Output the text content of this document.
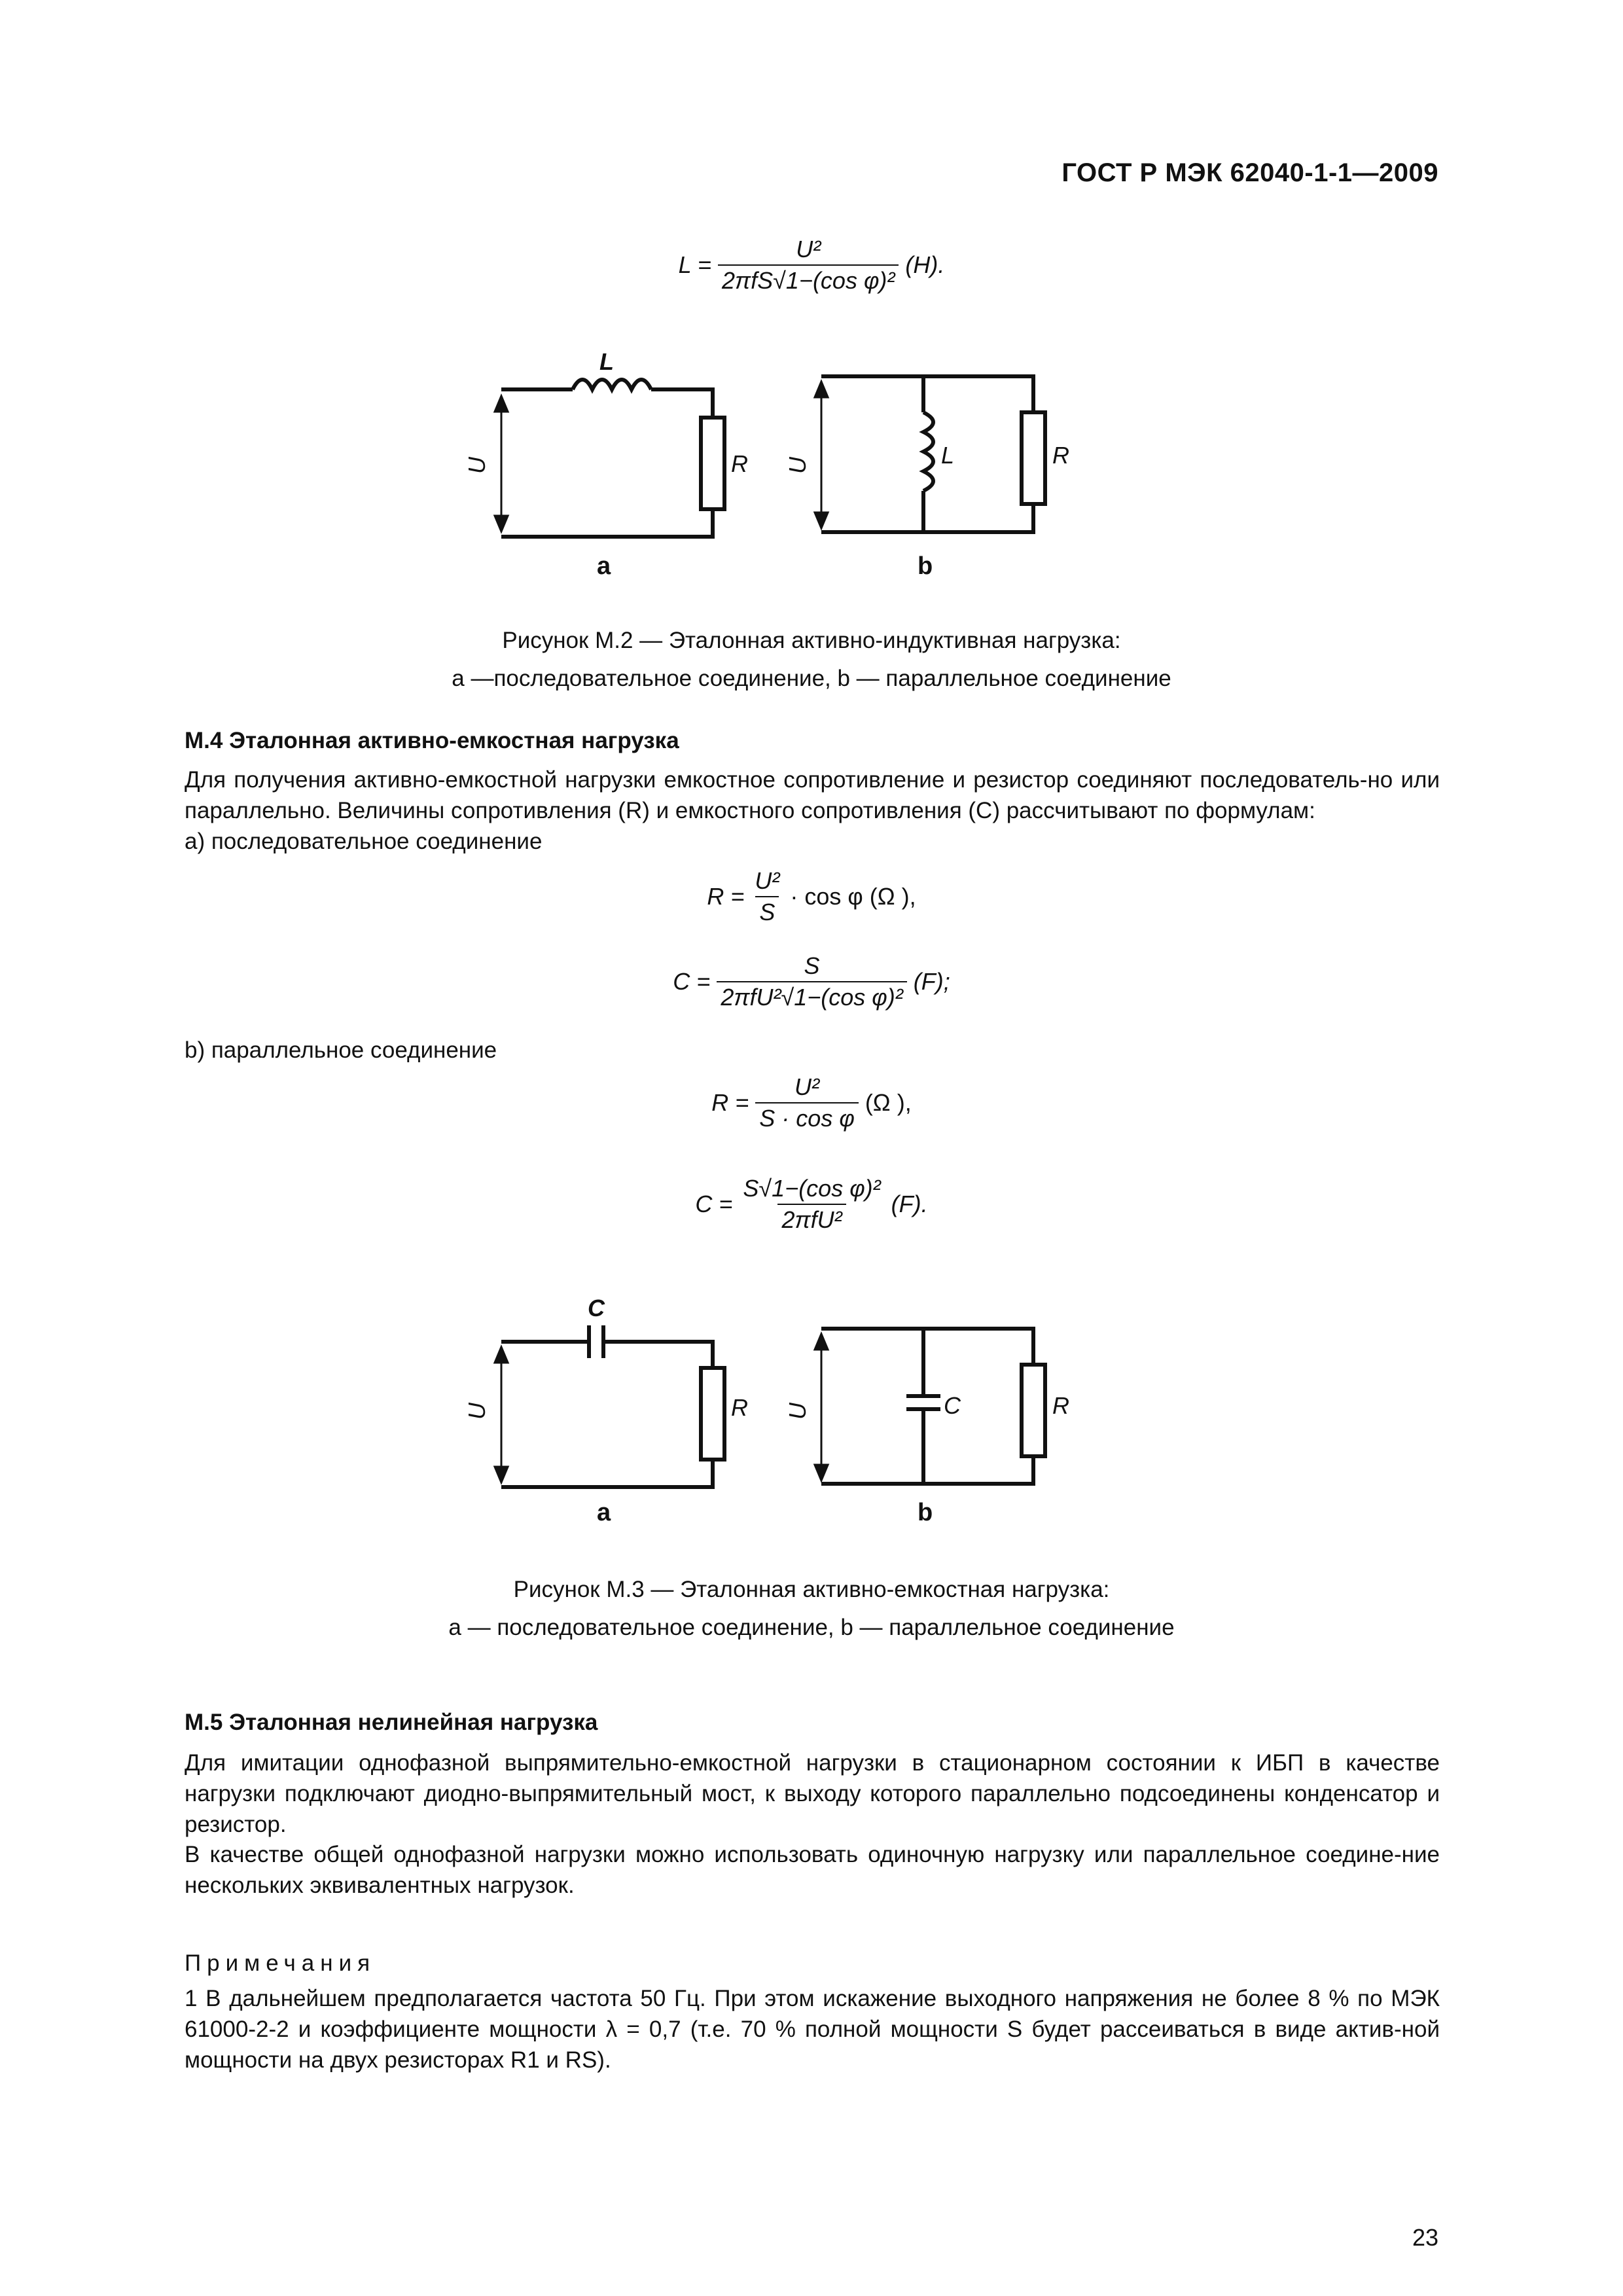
ГОСТ Р МЭК 62040-1-1—2009
$L = \frac{\text{U²}}{\text{2πfS√1−(cos φ)²}} (H)$.
L
R
U	L	R
U
a	b
Рисунок М.2 — Эталонная активно-индуктивная нагрузка:
a —последовательное соединение, b — параллельное соединение
М.4 Эталонная активно-емкостная нагрузка
Для получения активно-емкостной нагрузки емкостное сопротивление и резистор соединяют последователь-но или параллельно. Величины сопротивления (R) и емкостного сопротивления (C) рассчитывают по формулам:
a) последовательное соединение
$R = \frac{\text{U²}}{S} \cdot \cos \varphi$ (Ω ),
$C = \frac{S}{\text{2πfU²√1−(cos φ)²}} (F)$;
b) параллельное соединение
$R = \frac{\text{U²}}{\text{S · cos φ}} (\Omega$ ),
$C = \frac{\text{S√1−(cos φ)²}}{\text{2πfU²}} (F)$.
C
R
U	C	R
U
a	b
Рисунок М.3 — Эталонная активно-емкостная нагрузка:
a — последовательное соединение, b — параллельное соединение
М.5 Эталонная нелинейная нагрузка
Для имитации однофазной выпрямительно-емкостной нагрузки в стационарном состоянии к ИБП в качестве нагрузки подключают диодно-выпрямительный мост, к выходу которого параллельно подсоединены конденсатор и резистор.
В качестве общей однофазной нагрузки можно использовать одиночную нагрузку или параллельное соедине-ние нескольких эквивалентных нагрузок.
Примечания
1 В дальнейшем предполагается частота 50 Гц. При этом искажение выходного напряжения не более 8 % по МЭК 61000-2-2 и коэффициенте мощности λ = 0,7 (т.е. 70 % полной мощности S будет рассеиваться в виде актив-ной мощности на двух резисторах R1 и RS).
23
